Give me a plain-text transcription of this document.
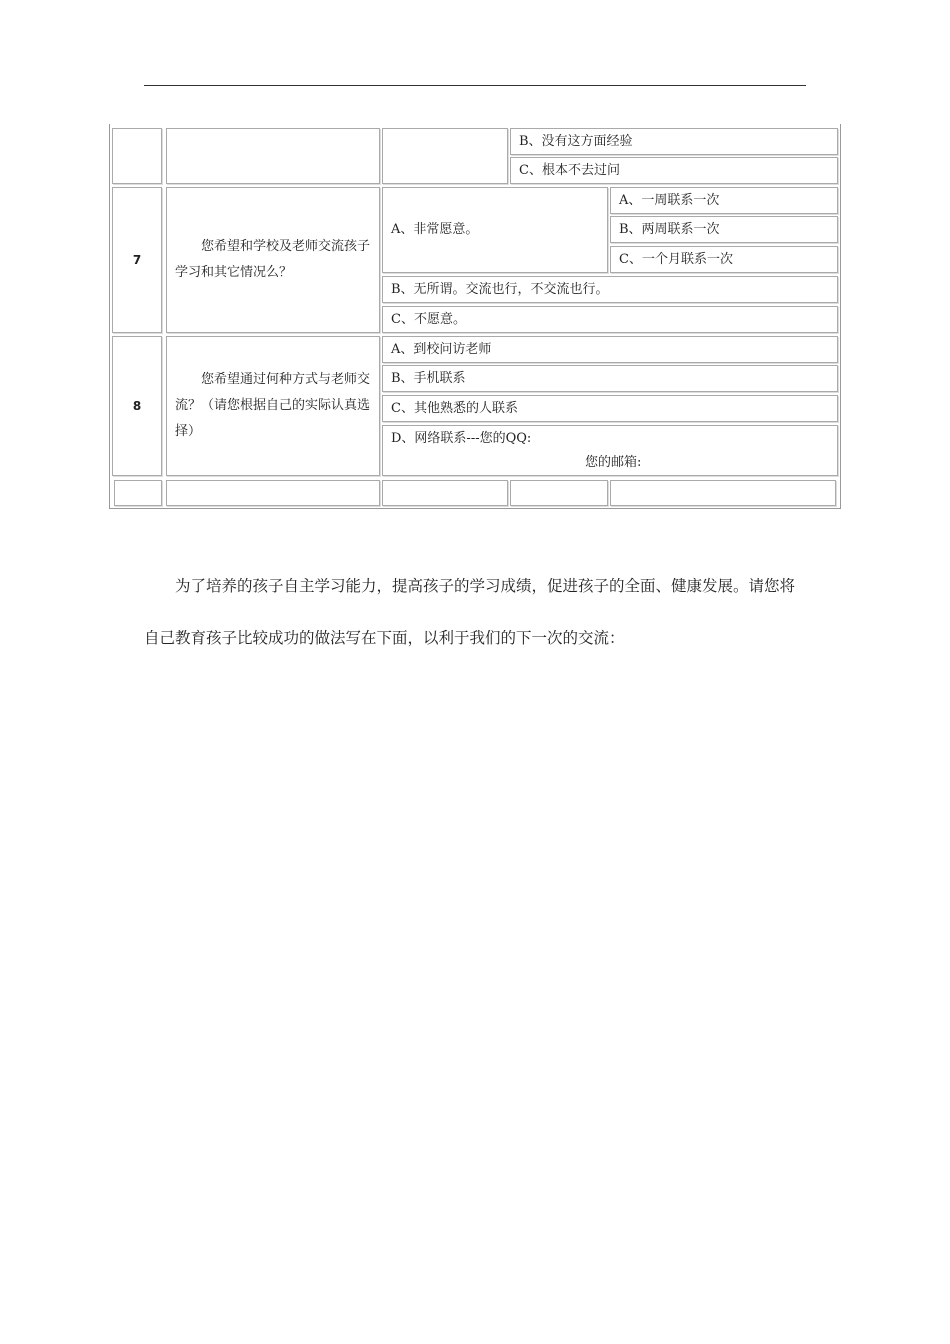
B、没有这方面经验
C、根本不去过问
7
您希望和学校及老师交流孩子学习和其它情况么？
A、非常愿意。
A、一周联系一次
B、两周联系一次
C、一个月联系一次
B、无所谓。交流也行，不交流也行。
C、不愿意。
8
您希望通过何种方式与老师交流？（请您根据自己的实际认真选择）
A、到校问访老师
B、手机联系
C、其他熟悉的人联系
D、网络联系---您的QQ:
您的邮箱:
为了培养的孩子自主学习能力，提高孩子的学习成绩，促进孩子的全面、健康发展。请您将自己教育孩子比较成功的做法写在下面，以利于我们的下一次的交流：
